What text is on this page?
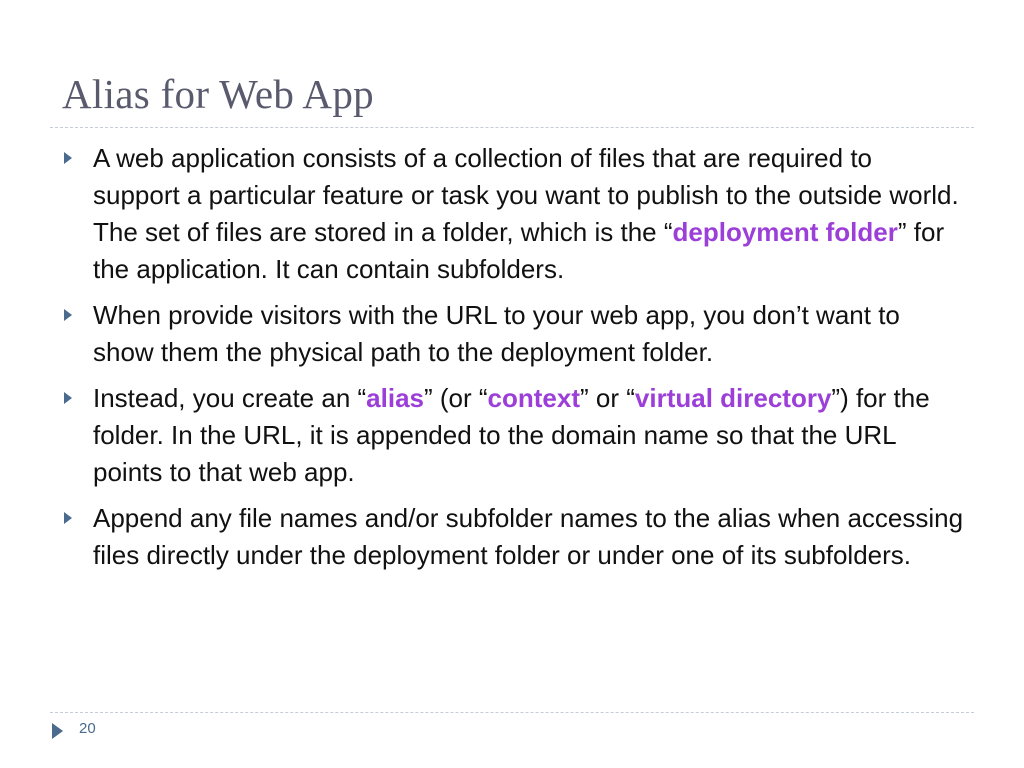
Alias for Web App
A web application consists of a collection of files that are required to support a particular feature or task you want to publish to the outside world. The set of files are stored in a folder, which is the “deployment folder” for the application. It can contain subfolders.
When provide visitors with the URL to your web app, you don’t want to show them the physical path to the deployment folder.
Instead, you create an “alias” (or “context” or “virtual directory”) for the folder. In the URL, it is appended to the domain name so that the URL points to that web app.
Append any file names and/or subfolder names to the alias when accessing files directly under the deployment folder or under one of its subfolders.
20
